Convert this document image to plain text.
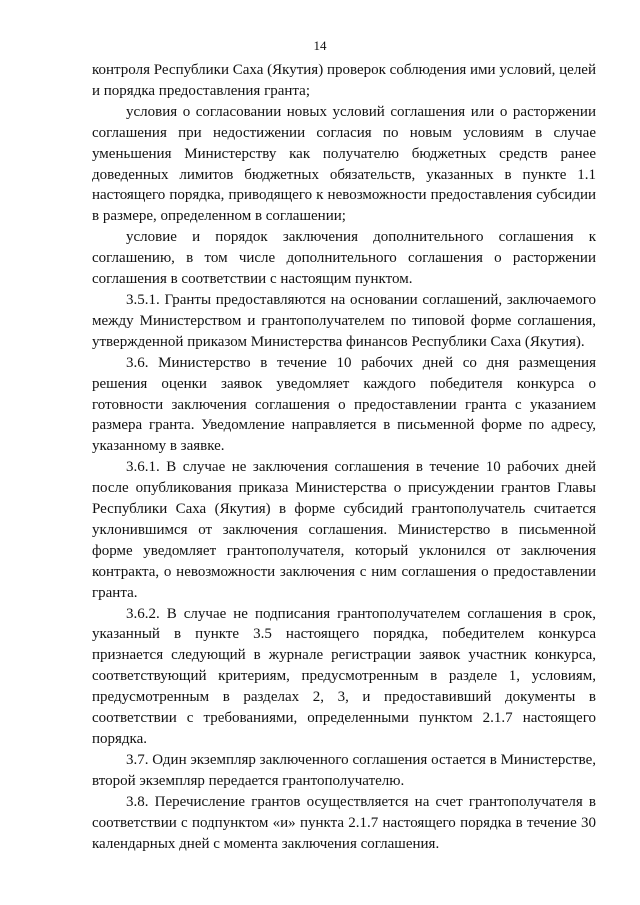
14

контроля Республики Саха (Якутия) проверок соблюдения ими условий, целей и порядка предоставления гранта;

условия о согласовании новых условий соглашения или о расторжении соглашения при недостижении согласия по новым условиям в случае уменьшения Министерству как получателю бюджетных средств ранее доведенных лимитов бюджетных обязательств, указанных в пункте 1.1 настоящего порядка, приводящего к невозможности предоставления субсидии в размере, определенном в соглашении;

условие и порядок заключения дополнительного соглашения к соглашению, в том числе дополнительного соглашения о расторжении соглашения в соответствии с настоящим пунктом.

3.5.1. Гранты предоставляются на основании соглашений, заключаемого между Министерством и грантополучателем по типовой форме соглашения, утвержденной приказом Министерства финансов Республики Саха (Якутия).

3.6. Министерство в течение 10 рабочих дней со дня размещения решения оценки заявок уведомляет каждого победителя конкурса о готовности заключения соглашения о предоставлении гранта с указанием размера гранта. Уведомление направляется в письменной форме по адресу, указанному в заявке.

3.6.1. В случае не заключения соглашения в течение 10 рабочих дней после опубликования приказа Министерства о присуждении грантов Главы Республики Саха (Якутия) в форме субсидий грантополучатель считается уклонившимся от заключения соглашения. Министерство в письменной форме уведомляет грантополучателя, который уклонился от заключения контракта, о невозможности заключения с ним соглашения о предоставлении гранта.

3.6.2. В случае не подписания грантополучателем соглашения в срок, указанный в пункте 3.5 настоящего порядка, победителем конкурса признается следующий в журнале регистрации заявок участник конкурса, соответствующий критериям, предусмотренным в разделе 1, условиям, предусмотренным в разделах 2, 3, и предоставивший документы в соответствии с требованиями, определенными пунктом 2.1.7 настоящего порядка.

3.7. Один экземпляр заключенного соглашения остается в Министерстве, второй экземпляр передается грантополучателю.

3.8. Перечисление грантов осуществляется на счет грантополучателя в соответствии с подпунктом «и» пункта 2.1.7 настоящего порядка в течение 30 календарных дней с момента заключения соглашения.
